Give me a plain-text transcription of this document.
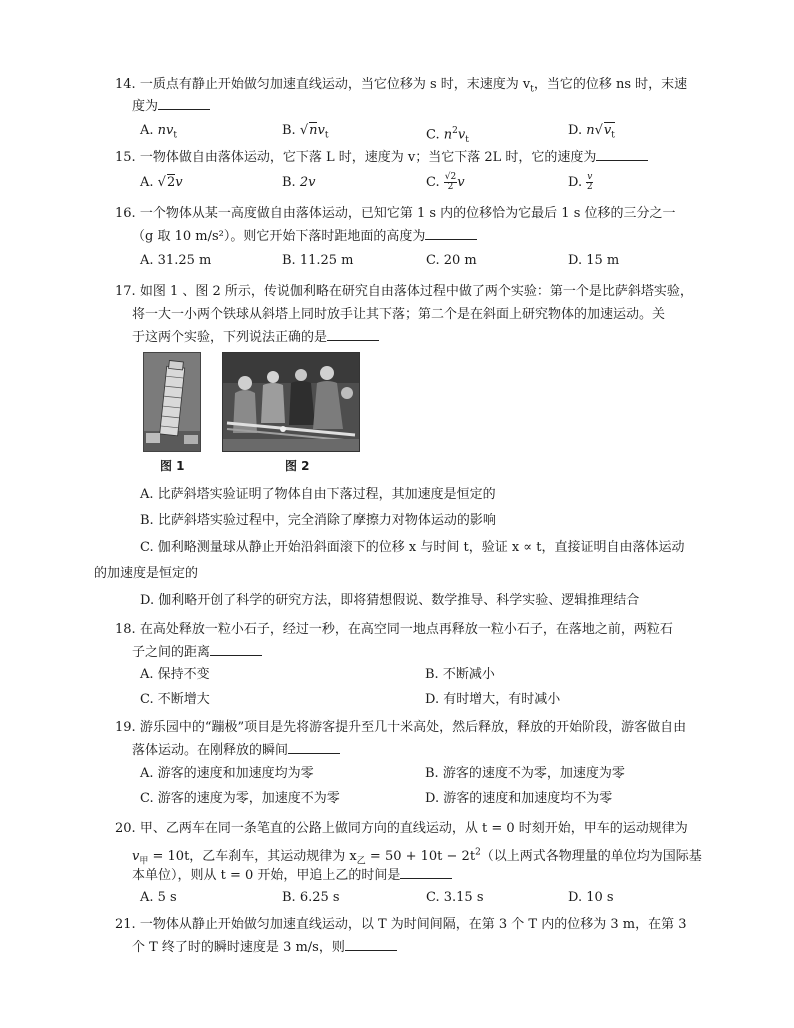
14. 一质点有静止开始做匀加速直线运动，当它位移为 s 时，末速度为 $v_t$，当它的位移 ns 时，末速
度为
A. $nv_t$	B. $√nv_t$	C. $n^2v_t$
D. $n√v_t$
15. 一物体做自由落体运动，它下落 L 时，速度为 v；当它下落 2L 时，它的速度为
A. √2v	B. 2v	C. $\frac{√2}{2}$ v	D. $\frac{v}{2}$
16. 一个物体从某一高度做自由落体运动，已知它第 1 s 内的位移恰为它最后 1 s 位移的三分之一
（g 取 10 m/s²）。则它开始下落时距地面的高度为
A. 31.25 m	B. 11.25 m	C. 20 m	D. 15 m
17. 如图 1 、图 2 所示，传说伽利略在研究自由落体过程中做了两个实验：第一个是比萨斜塔实验，
将一大一小两个铁球从斜塔上同时放手让其下落；第二个是在斜面上研究物体的加速运动。关
于这两个实验，下列说法正确的是
图 1	图 2
A. 比萨斜塔实验证明了物体自由下落过程，其加速度是恒定的
B. 比萨斜塔实验过程中，完全消除了摩擦力对物体运动的影响
C. 伽利略测量球从静止开始沿斜面滚下的位移 x 与时间 t，验证 x ∝ t，直接证明自由落体运动
的加速度是恒定的
D. 伽利略开创了科学的研究方法，即将猜想假说、数学推导、科学实验、逻辑推理结合
18. 在高处释放一粒小石子，经过一秒，在高空同一地点再释放一粒小石子，在落地之前，两粒石
子之间的距离
A. 保持不变	B. 不断减小
C. 不断增大	D. 有时增大，有时减小
19. 游乐园中的“蹦极”项目是先将游客提升至几十米高处，然后释放，释放的开始阶段，游客做自由
落体运动。在刚释放的瞬间
A. 游客的速度和加速度均为零	B. 游客的速度不为零，加速度为零
C. 游客的速度为零，加速度不为零	D. 游客的速度和加速度均不为零
20. 甲、乙两车在同一条笔直的公路上做同方向的直线运动，从 t = 0 时刻开始，甲车的运动规律为
$v_甲 = 10t$，乙车刹车，其运动规律为 $x_乙 = 50 + 10t - 2t^2$（以上两式各物理量的单位均为国际基
本单位），则从 t = 0 开始，甲追上乙的时间是
A. 5 s	B. 6.25 s	C. 3.15 s	D. 10 s
21. 一物体从静止开始做匀加速直线运动，以 T 为时间间隔，在第 3 个 T 内的位移为 3 m，在第 3
个 T 终了时的瞬时速度是 3 m/s，则
